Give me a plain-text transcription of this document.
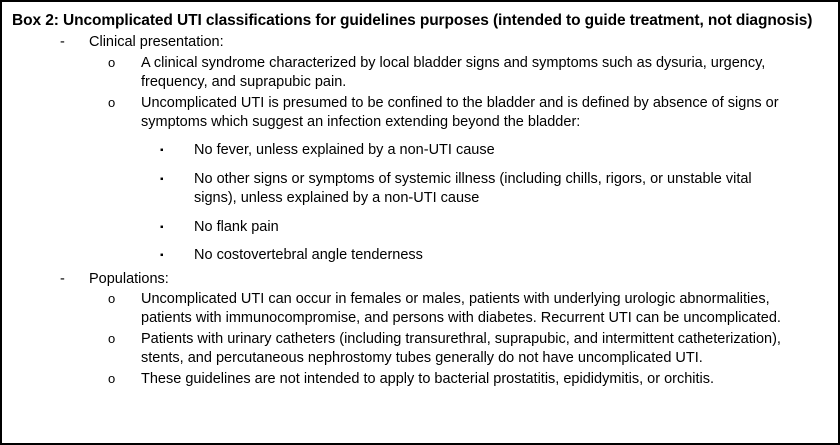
Box 2: Uncomplicated UTI classifications for guidelines purposes (intended to guide treatment, not diagnosis)
-	Clinical presentation:
o	A clinical syndrome characterized by local bladder signs and symptoms such as dysuria, urgency, frequency, and suprapubic pain.
o	Uncomplicated UTI is presumed to be confined to the bladder and is defined by absence of signs or symptoms which suggest an infection extending beyond the bladder:
▪	No fever, unless explained by a non-UTI cause
▪	No other signs or symptoms of systemic illness (including chills, rigors, or unstable vital signs), unless explained by a non-UTI cause
▪	No flank pain
▪	No costovertebral angle tenderness
-	Populations:
o	Uncomplicated UTI can occur in females or males, patients with underlying urologic abnormalities, patients with immunocompromise, and persons with diabetes. Recurrent UTI can be uncomplicated.
o	Patients with urinary catheters (including transurethral, suprapubic, and intermittent catheterization), stents, and percutaneous nephrostomy tubes generally do not have uncomplicated UTI.
o	These guidelines are not intended to apply to bacterial prostatitis, epididymitis, or orchitis.
